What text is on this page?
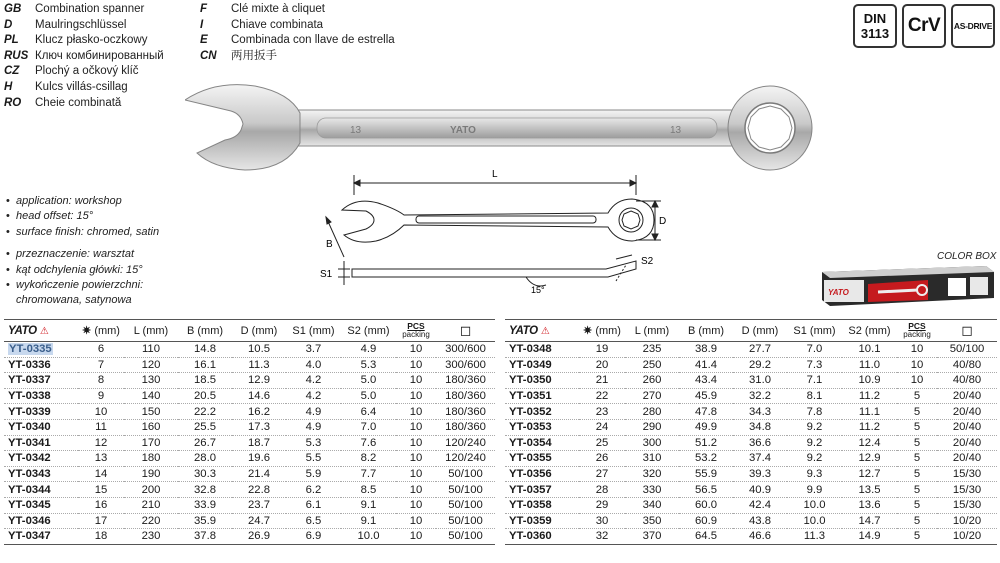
GB	Combination spanner
D	Maulringschlüssel
PL	Klucz płasko-oczkowy
RUS Ключ комбинированный
CZ	Plochý a očkový klíč
H	Kulcs villás-csillag
RO	Cheie combinată
F	Clé mixte à cliquet
I	Chiave combinata
E	Combinada con llave de estrella
CN	两用扳手
DIN
3113 CrV AS-DRIVE
13	YATO	13
• application: workshop
• head offset: 15°
• surface finish: chromed, satin
• przeznaczenie: warsztat
• kąt odchylenia główki: 15°
• wykończenie powierzchni:
chromowana, satynowa
L
D
B
S1
S2
15°
COLOR BOX
YATO
YATO ⚠	✷ (mm)	L (mm)	B (mm)	D (mm)	S1 (mm)	S2 (mm)	PCS
packing	◻
YT-0335	6	110	14.8	10.5	3.7	4.9	10	300/600
YT-0336	7	120	16.1	11.3	4.0	5.3	10	300/600
YT-0337	8	130	18.5	12.9	4.2	5.0	10	180/360
YT-0338	9	140	20.5	14.6	4.2	5.0	10	180/360
YT-0339	10	150	22.2	16.2	4.9	6.4	10	180/360
YT-0340	11	160	25.5	17.3	4.9	7.0	10	180/360
YT-0341	12	170	26.7	18.7	5.3	7.6	10	120/240
YT-0342	13	180	28.0	19.6	5.5	8.2	10	120/240
YT-0343	14	190	30.3	21.4	5.9	7.7	10	50/100
YT-0344	15	200	32.8	22.8	6.2	8.5	10	50/100
YT-0345	16	210	33.9	23.7	6.1	9.1	10	50/100
YT-0346	17	220	35.9	24.7	6.5	9.1	10	50/100
YT-0347	18	230	37.8	26.9	6.9	10.0	10	50/100
YATO ⚠	✷ (mm)	L (mm)	B (mm)	D (mm)	S1 (mm)	S2 (mm)	PCS
packing	◻
YT-0348	19	235	38.9	27.7	7.0	10.1	10	50/100
YT-0349	20	250	41.4	29.2	7.3	11.0	10	40/80
YT-0350	21	260	43.4	31.0	7.1	10.9	10	40/80
YT-0351	22	270	45.9	32.2	8.1	11.2	5	20/40
YT-0352	23	280	47.8	34.3	7.8	11.1	5	20/40
YT-0353	24	290	49.9	34.8	9.2	11.2	5	20/40
YT-0354	25	300	51.2	36.6	9.2	12.4	5	20/40
YT-0355	26	310	53.2	37.4	9.2	12.9	5	20/40
YT-0356	27	320	55.9	39.3	9.3	12.7	5	15/30
YT-0357	28	330	56.5	40.9	9.9	13.5	5	15/30
YT-0358	29	340	60.0	42.4	10.0	13.6	5	15/30
YT-0359	30	350	60.9	43.8	10.0	14.7	5	10/20
YT-0360	32	370	64.5	46.6	11.3	14.9	5	10/20
